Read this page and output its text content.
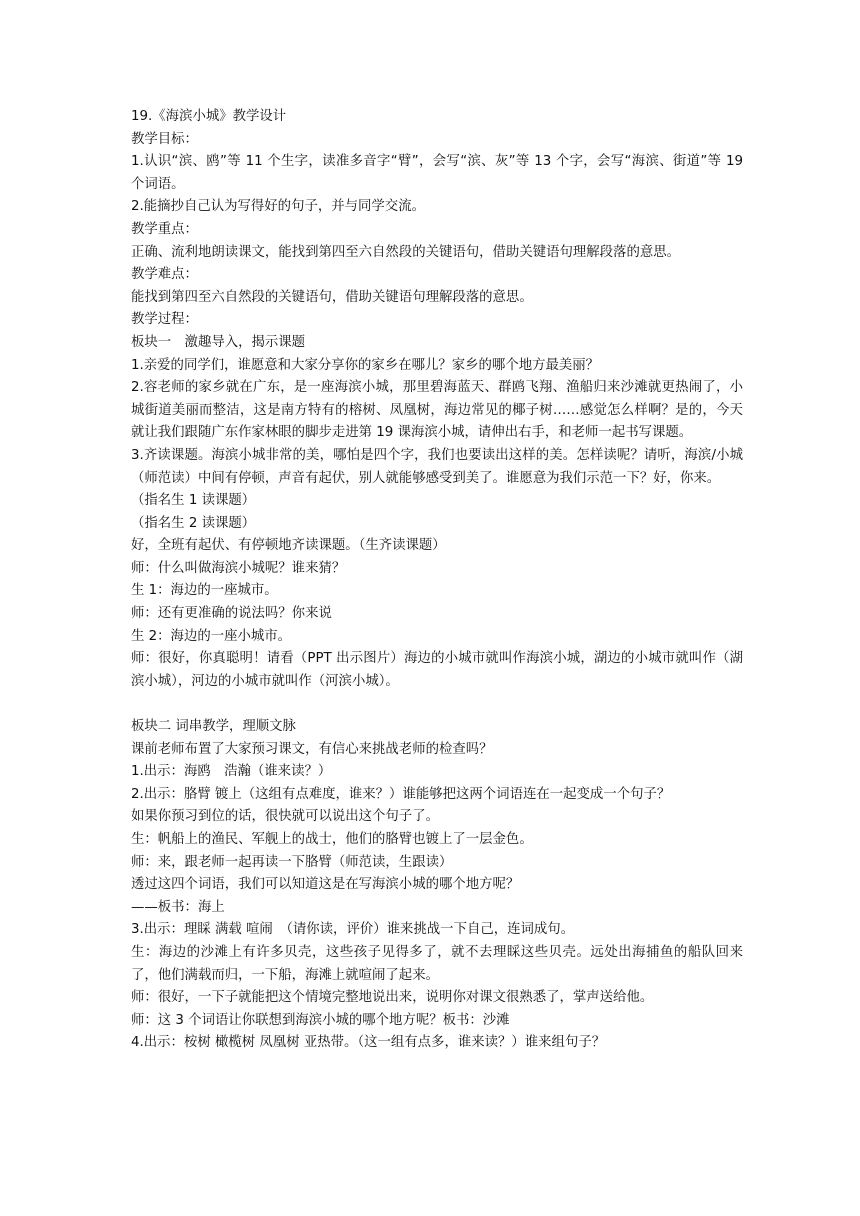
19.《海滨小城》教学设计

教学目标：

1.认识“滨、鸥”等 11 个生字，读准多音字“臂”，会写“滨、灰”等 13 个字，会写“海滨、街道”等 19 个词语。

2.能摘抄自己认为写得好的句子，并与同学交流。

教学重点：

正确、流利地朗读课文，能找到第四至六自然段的关键语句，借助关键语句理解段落的意思。

教学难点：

能找到第四至六自然段的关键语句，借助关键语句理解段落的意思。

教学过程：

板块一　激趣导入，揭示课题

1.亲爱的同学们，谁愿意和大家分享你的家乡在哪儿？家乡的哪个地方最美丽？

2.容老师的家乡就在广东，是一座海滨小城，那里碧海蓝天、群鸥飞翔、渔船归来沙滩就更热闹了，小城街道美丽而整洁，这是南方特有的榕树、凤凰树，海边常见的椰子树……感觉怎么样啊？是的，今天就让我们跟随广东作家林眼的脚步走进第 19 课海滨小城，请伸出右手，和老师一起书写课题。

3.齐读课题。海滨小城非常的美，哪怕是四个字，我们也要读出这样的美。怎样读呢？请听，海滨/小城（师范读）中间有停顿，声音有起伏，别人就能够感受到美了。谁愿意为我们示范一下？好，你来。

（指名生 1 读课题）

（指名生 2 读课题）

好，全班有起伏、有停顿地齐读课题。（生齐读课题）

师：什么叫做海滨小城呢？谁来猜？

生 1：海边的一座城市。

师：还有更准确的说法吗？你来说

生 2：海边的一座小城市。

师：很好，你真聪明！请看（PPT 出示图片）海边的小城市就叫作海滨小城，湖边的小城市就叫作（湖滨小城），河边的小城市就叫作（河滨小城）。

板块二 词串教学，理顺文脉

课前老师布置了大家预习课文，有信心来挑战老师的检查吗？

1.出示：海鸥　浩瀚（谁来读？）

2.出示：胳臂 镀上（这组有点难度，谁来？）谁能够把这两个词语连在一起变成一个句子？

如果你预习到位的话，很快就可以说出这个句子了。

生：帆船上的渔民、军舰上的战士，他们的胳臂也镀上了一层金色。

师：来，跟老师一起再读一下胳臂（师范读，生跟读）

透过这四个词语，我们可以知道这是在写海滨小城的哪个地方呢？

——板书：海上

3.出示：理睬 满载 喧闹　（请你读，评价）谁来挑战一下自己，连词成句。

生：海边的沙滩上有许多贝壳，这些孩子见得多了，就不去理睬这些贝壳。远处出海捕鱼的船队回来了，他们满载而归，一下船，海滩上就喧闹了起来。

师：很好，一下子就能把这个情境完整地说出来，说明你对课文很熟悉了，掌声送给他。

师：这 3 个词语让你联想到海滨小城的哪个地方呢？板书：沙滩

4.出示：桉树 橄榄树 凤凰树 亚热带。（这一组有点多，谁来读？）谁来组句子？
